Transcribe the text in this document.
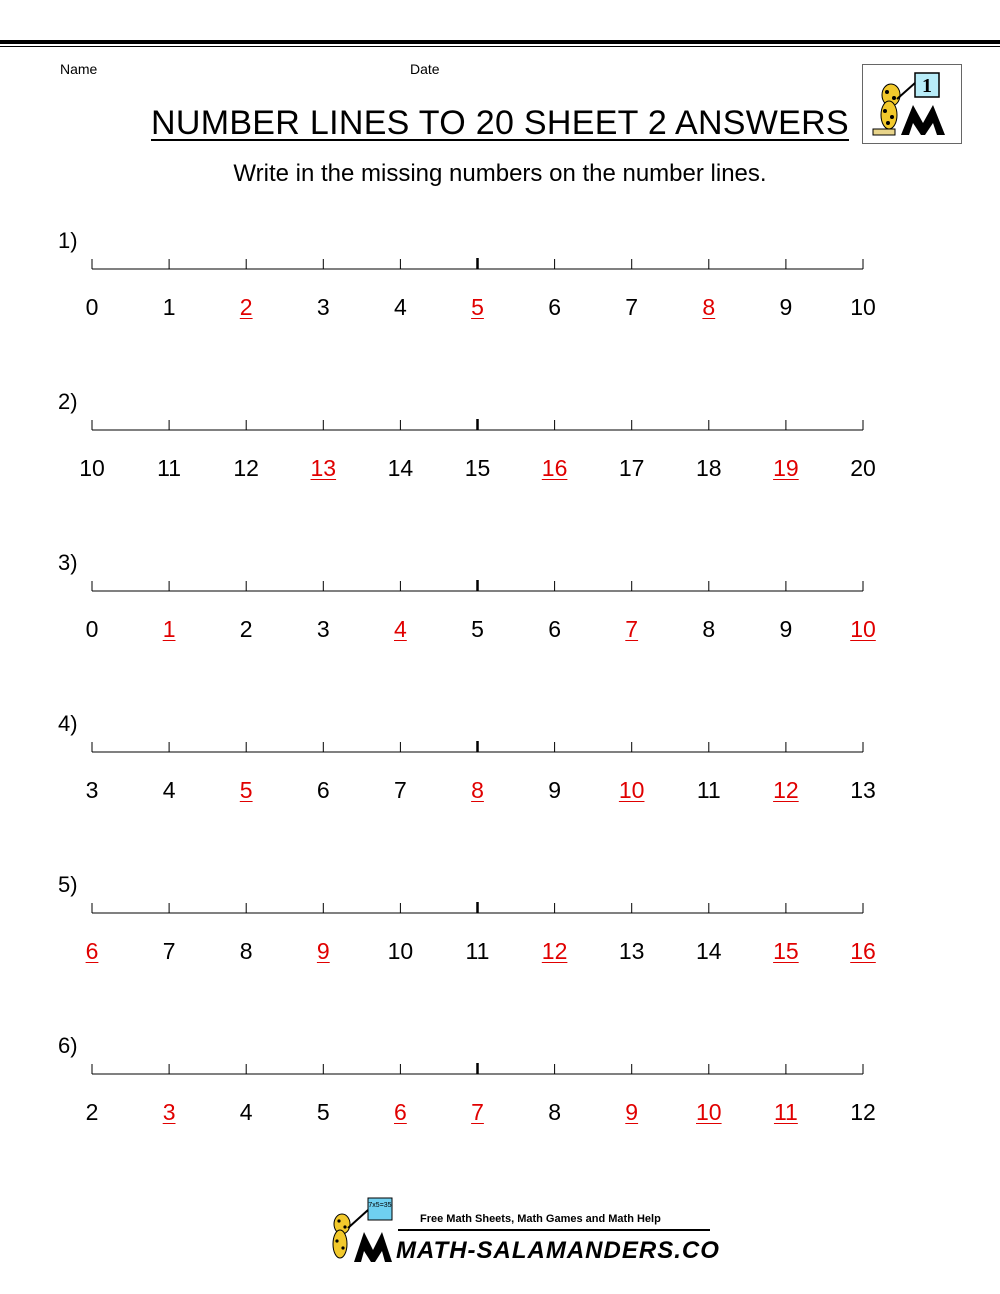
Name	Date
1
NUMBER LINES TO 20 SHEET 2 ANSWERS
Write in the missing numbers on the number lines.
1)
0	1	2	3	4	5	6	7	8	9	10
2)
10 11 12 13 14 15 16 17 18 19 20
3)
0	1	2	3	4	5	6	7	8	9	10
4)
3	4	5	6	7	8	9	10 11 12 13
5)
6	7	8	9	10 11 12 13 14 15 16
6)
2	3	4	5	6	7	8	9	10 11 12
7x5=35
Free Math Sheets, Math Games and Math Help
MATH-SALAMANDERS.COM
